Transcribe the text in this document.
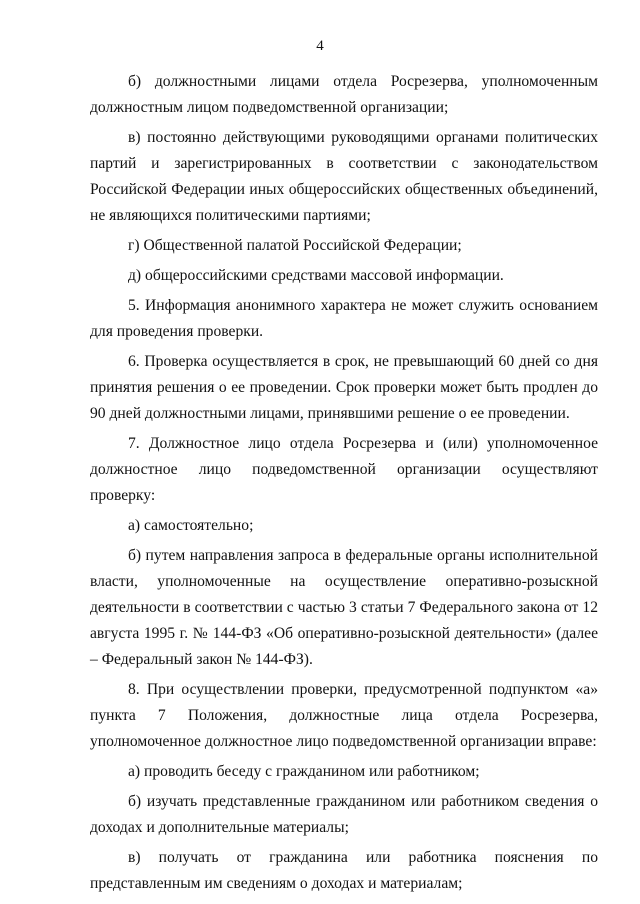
4

б) должностными лицами отдела Росрезерва, уполномоченным должностным лицом подведомственной организации;

в) постоянно действующими руководящими органами политических партий и зарегистрированных в соответствии с законодательством Российской Федерации иных общероссийских общественных объединений, не являющихся политическими партиями;

г) Общественной палатой Российской Федерации;

д) общероссийскими средствами массовой информации.

5. Информация анонимного характера не может служить основанием для проведения проверки.

6. Проверка осуществляется в срок, не превышающий 60 дней со дня принятия решения о ее проведении. Срок проверки может быть продлен до 90 дней должностными лицами, принявшими решение о ее проведении.

7. Должностное лицо отдела Росрезерва и (или) уполномоченное должностное лицо подведомственной организации осуществляют проверку:

а) самостоятельно;

б) путем направления запроса в федеральные органы исполнительной власти, уполномоченные на осуществление оперативно-розыскной деятельности в соответствии с частью 3 статьи 7 Федерального закона от 12 августа 1995 г. № 144-ФЗ «Об оперативно-розыскной деятельности» (далее – Федеральный закон № 144-ФЗ).

8. При осуществлении проверки, предусмотренной подпунктом «а» пункта 7 Положения, должностные лица отдела Росрезерва, уполномоченное должностное лицо подведомственной организации вправе:

а) проводить беседу с гражданином или работником;

б) изучать представленные гражданином или работником сведения о доходах и дополнительные материалы;

в) получать от гражданина или работника пояснения по представленным им сведениям о доходах и материалам;
